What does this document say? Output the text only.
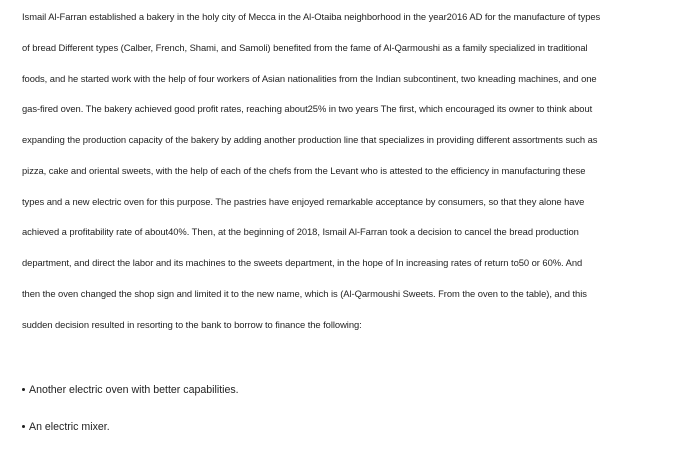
Ismail Al-Farran established a bakery in the holy city of Mecca in the Al-Otaiba neighborhood in the year2016 AD for the manufacture of types
of bread Different types (Calber, French, Shami, and Samoli) benefited from the fame of Al-Qarmoushi as a family specialized in traditional
foods, and he started work with the help of four workers of Asian nationalities from the Indian subcontinent, two kneading machines, and one
gas-fired oven. The bakery achieved good profit rates, reaching about25% in two years The first, which encouraged its owner to think about
expanding the production capacity of the bakery by adding another production line that specializes in providing different assortments such as
pizza, cake and oriental sweets, with the help of each of the chefs from the Levant who is attested to the efficiency in manufacturing these
types and a new electric oven for this purpose. The pastries have enjoyed remarkable acceptance by consumers, so that they alone have
achieved a profitability rate of about40%. Then, at the beginning of 2018, Ismail Al-Farran took a decision to cancel the bread production
department, and direct the labor and its machines to the sweets department, in the hope of In increasing rates of return to50 or 60%. And
then the oven changed the shop sign and limited it to the new name, which is (Al-Qarmoushi Sweets. From the oven to the table), and this
sudden decision resulted in resorting to the bank to borrow to finance the following:
Another electric oven with better capabilities.
An electric mixer.
